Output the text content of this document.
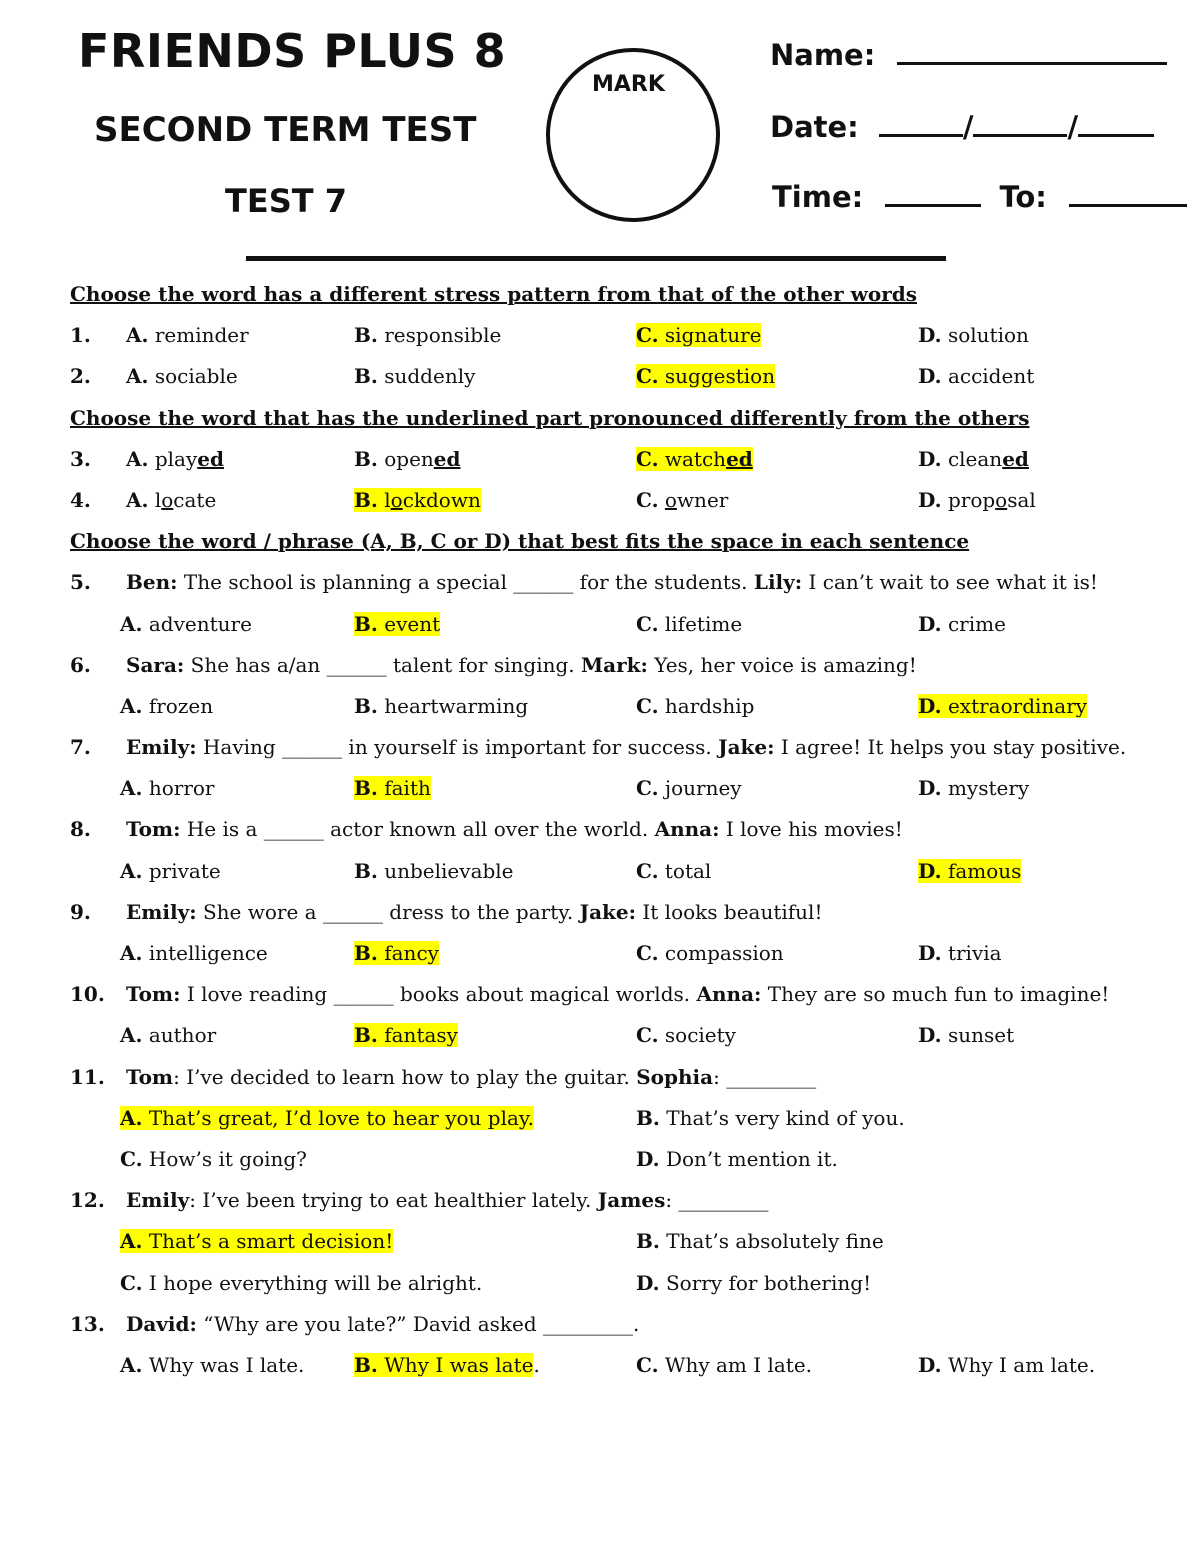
FRIENDS PLUS 8
SECOND TERM TEST
TEST 7
MARK
Name:
Date:	/	/
Time:	To:
Choose the word has a different stress pattern from that of the other words
1. A. reminder	B. responsible	C. signature	D. solution
2. A. sociable	B. suddenly	C. suggestion	D. accident
Choose the word that has the underlined part pronounced differently from the others
3. A. played	B. opened	C. watched	D. cleaned
4. A. locate	B. lockdown	C. owner	D. proposal
Choose the word / phrase (A, B, C or D) that best fits the space in each sentence
5. Ben: The school is planning a special ______ for the students. Lily: I can’t wait to see what it is!
A. adventure	B. event	C. lifetime	D. crime
6. Sara: She has a/an ______ talent for singing. Mark: Yes, her voice is amazing!
A. frozen	B. heartwarming	C. hardship	D. extraordinary
7. Emily: Having ______ in yourself is important for success. Jake: I agree! It helps you stay positive.
A. horror	B. faith	C. journey	D. mystery
8. Tom: He is a ______ actor known all over the world. Anna: I love his movies!
A. private	B. unbelievable	C. total	D. famous
9. Emily: She wore a ______ dress to the party. Jake: It looks beautiful!
A. intelligence	B. fancy	C. compassion	D. trivia
10. Tom: I love reading ______ books about magical worlds. Anna: They are so much fun to imagine!
A. author	B. fantasy	C. society	D. sunset
11. Tom: I’ve decided to learn how to play the guitar. Sophia: _________
A. That’s great, I’d love to hear you play.	B. That’s very kind of you.
C. How’s it going?	D. Don’t mention it.
12. Emily: I’ve been trying to eat healthier lately. James: _________
A. That’s a smart decision!	B. That’s absolutely fine
C. I hope everything will be alright.	D. Sorry for bothering!
13. David: “Why are you late?” David asked _________.
A. Why was I late. B. Why I was late.	C. Why am I late.	D. Why I am late.
